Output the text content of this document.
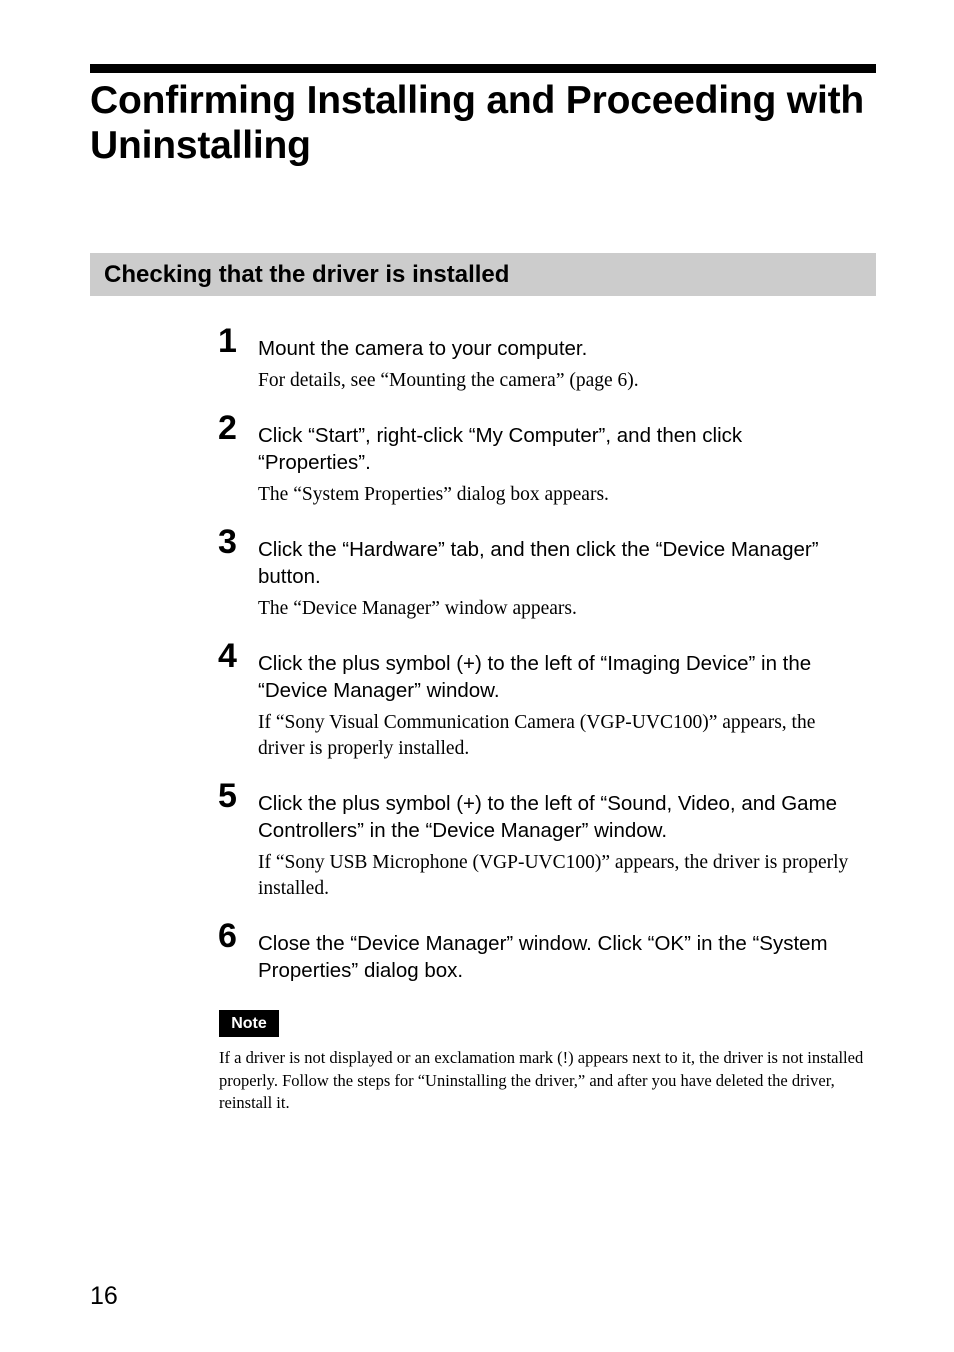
Confirming Installing and Proceeding with Uninstalling
Checking that the driver is installed
1 Mount the camera to your computer.

For details, see “Mounting the camera” (page 6).

2 Click “Start”, right-click “My Computer”, and then click “Properties”.

The “System Properties” dialog box appears.

3 Click the “Hardware” tab, and then click the “Device Manager” button.

The “Device Manager” window appears.

4 Click the plus symbol (+) to the left of “Imaging Device” in the “Device Manager” window.

If “Sony Visual Communication Camera (VGP-UVC100)” appears, the driver is properly installed.

5 Click the plus symbol (+) to the left of “Sound, Video, and Game Controllers” in the “Device Manager” window.

If “Sony USB Microphone (VGP-UVC100)” appears, the driver is properly installed.

6 Close the “Device Manager” window. Click “OK” in the “System Properties” dialog box.

Note

If a driver is not displayed or an exclamation mark (!) appears next to it, the driver is not installed properly. Follow the steps for “Uninstalling the driver,” and after you have deleted the driver, reinstall it.

16
